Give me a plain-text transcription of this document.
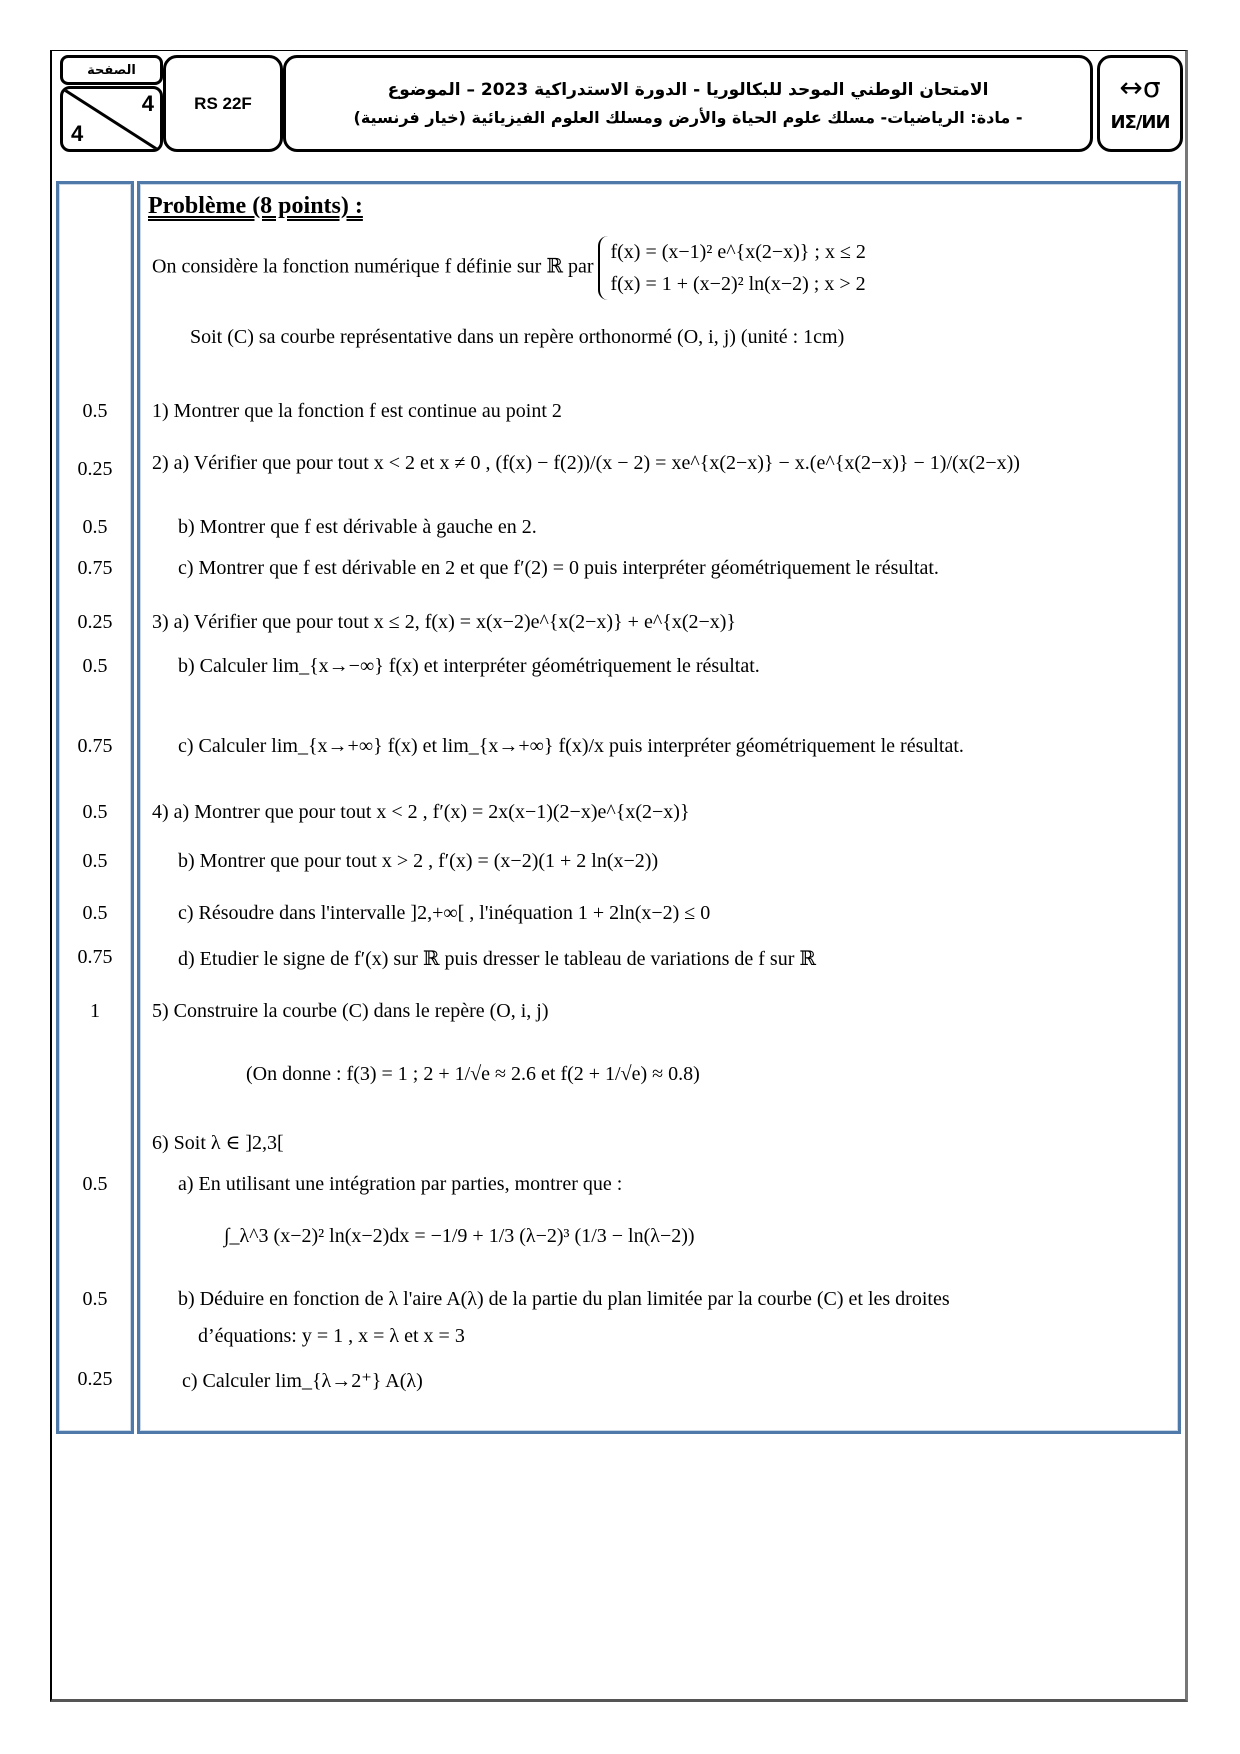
الصفحة
4
4
RS 22F
الامتحان الوطني الموحد للبكالوريا - الدورة الاستدراكية 2023 – الموضوع
- مادة: الرياضيات- مسلك علوم الحياة والأرض ومسلك العلوم الفيزيائية (خيار فرنسية)
↔σ
ⵍⵉ/ⵍⵍ
0.5
0.25
0.5
0.75
0.25
0.5
0.75
0.5
0.5
0.5
0.75
1
0.5
0.5
0.25
Problème (8 points) :
On considère la fonction numérique f définie sur ℝ par
f(x) = (x−1)² e^{x(2−x)} ; x ≤ 2
f(x) = 1 + (x−2)² ln(x−2) ; x > 2
Soit (C) sa courbe représentative dans un repère orthonormé (O, i, j) (unité : 1cm)
1) Montrer que la fonction f est continue au point 2
2) a) Vérifier que pour tout x < 2 et x ≠ 0 , (f(x) − f(2))/(x − 2) = xe^{x(2−x)} − x.(e^{x(2−x)} − 1)/(x(2−x))
b) Montrer que f est dérivable à gauche en 2.
c) Montrer que f est dérivable en 2 et que f′(2) = 0 puis interpréter géométriquement le résultat.
3) a) Vérifier que pour tout x ≤ 2, f(x) = x(x−2)e^{x(2−x)} + e^{x(2−x)}
b) Calculer lim_{x→−∞} f(x) et interpréter géométriquement le résultat.
c) Calculer lim_{x→+∞} f(x) et lim_{x→+∞} f(x)/x puis interpréter géométriquement le résultat.
4) a) Montrer que pour tout x < 2 , f′(x) = 2x(x−1)(2−x)e^{x(2−x)}
b) Montrer que pour tout x > 2 , f′(x) = (x−2)(1 + 2 ln(x−2))
c) Résoudre dans l'intervalle ]2,+∞[ , l'inéquation 1 + 2ln(x−2) ≤ 0
d) Etudier le signe de f′(x) sur ℝ puis dresser le tableau de variations de f sur ℝ
5) Construire la courbe (C) dans le repère (O, i, j)
(On donne : f(3) = 1 ; 2 + 1/√e ≈ 2.6 et f(2 + 1/√e) ≈ 0.8)
6) Soit λ ∈ ]2,3[
a) En utilisant une intégration par parties, montrer que :
∫_λ^3 (x−2)² ln(x−2)dx = −1/9 + 1/3 (λ−2)³ (1/3 − ln(λ−2))
b) Déduire en fonction de λ l'aire A(λ) de la partie du plan limitée par la courbe (C) et les droites
d’équations: y = 1 , x = λ et x = 3
c) Calculer lim_{λ→2⁺} A(λ)
